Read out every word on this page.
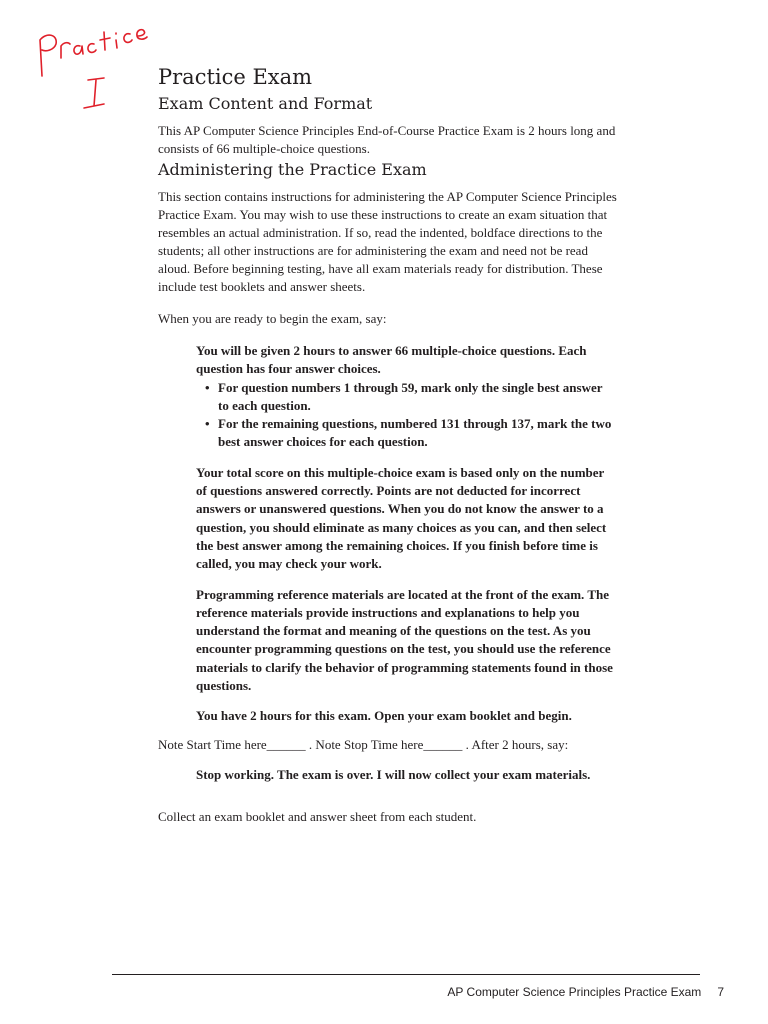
Practice Exam
Exam Content and Format

This AP Computer Science Principles End-of-Course Practice Exam is 2 hours long and consists of 66 multiple-choice questions.

Administering the Practice Exam

This section contains instructions for administering the AP Computer Science Principles Practice Exam. You may wish to use these instructions to create an exam situation that resembles an actual administration. If so, read the indented, boldface directions to the students; all other instructions are for administering the exam and need not be read aloud. Before beginning testing, have all exam materials ready for distribution. These include test booklets and answer sheets.

When you are ready to begin the exam, say:

You will be given 2 hours to answer 66 multiple-choice questions. Each question has four answer choices.

• For question numbers 1 through 59, mark only the single best answer to each question.
• For the remaining questions, numbered 131 through 137, mark the two best answer choices for each question.

Your total score on this multiple-choice exam is based only on the number of questions answered correctly. Points are not deducted for incorrect answers or unanswered questions. When you do not know the answer to a question, you should eliminate as many choices as you can, and then select the best answer among the remaining choices. If you finish before time is called, you may check your work.

Programming reference materials are located at the front of the exam. The reference materials provide instructions and explanations to help you understand the format and meaning of the questions on the test. As you encounter programming questions on the test, you should use the reference materials to clarify the behavior of programming statements found in those questions.

You have 2 hours for this exam. Open your exam booklet and begin.

Note Start Time here______ . Note Stop Time here______ . After 2 hours, say:

Stop working. The exam is over. I will now collect your exam materials.

Collect an exam booklet and answer sheet from each student.
AP Computer Science Principles Practice Exam 7
